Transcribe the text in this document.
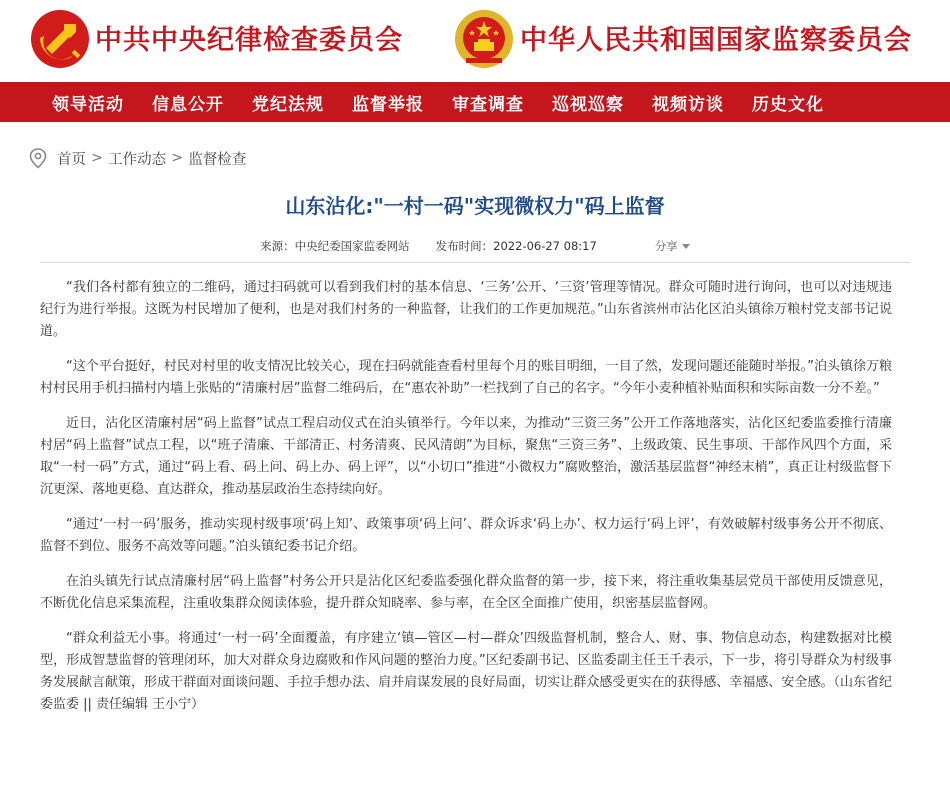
中共中央纪律检查委员会	中华人民共和国国家监察委员会
领导活动 信息公开 党纪法规 监督举报 审查调查 巡视巡察 视频访谈 历史文化
首页 > 工作动态 > 监督检查
山东沾化:"一村一码"实现微权力"码上监督
来源：中央纪委国家监委网站 发布时间：2022-06-27 08:17	分享

“我们各村都有独立的二维码，通过扫码就可以看到我们村的基本信息、‘三务’公开、‘三资’管理等情况。群众可随时进行询问，也可以对违规违纪行为进行举报。这既为村民增加了便利，也是对我们村务的一种监督，让我们的工作更加规范。”山东省滨州市沾化区泊头镇徐万粮村党支部书记说道。

“这个平台挺好，村民对村里的收支情况比较关心，现在扫码就能查看村里每个月的账目明细，一目了然，发现问题还能随时举报。”泊头镇徐万粮村村民用手机扫描村内墙上张贴的“清廉村居”监督二维码后，在“惠农补助”一栏找到了自己的名字。“今年小麦种植补贴面积和实际亩数一分不差。”

近日，沾化区清廉村居“码上监督”试点工程启动仪式在泊头镇举行。今年以来，为推动“三资三务”公开工作落地落实，沾化区纪委监委推行清廉村居“码上监督”试点工程，以“班子清廉、干部清正、村务清爽、民风清朗”为目标，聚焦“三资三务”、上级政策、民生事项、干部作风四个方面，采取“一村一码”方式，通过“码上看、码上问、码上办、码上评”，以“小切口”推进“小微权力”腐败整治，激活基层监督“神经末梢”，真正让村级监督下沉更深、落地更稳、直达群众，推动基层政治生态持续向好。

“通过‘一村一码’服务，推动实现村级事项‘码上知’、政策事项‘码上问’、群众诉求‘码上办’、权力运行‘码上评’，有效破解村级事务公开不彻底、监督不到位、服务不高效等问题。”泊头镇纪委书记介绍。

在泊头镇先行试点清廉村居“码上监督”村务公开只是沾化区纪委监委强化群众监督的第一步，接下来，将注重收集基层党员干部使用反馈意见，不断优化信息采集流程，注重收集群众阅读体验，提升群众知晓率、参与率，在全区全面推广使用，织密基层监督网。

“群众利益无小事。将通过‘一村一码’全面覆盖，有序建立‘镇—管区—村—群众’四级监督机制，整合人、财、事、物信息动态，构建数据对比模型，形成智慧监督的管理闭环，加大对群众身边腐败和作风问题的整治力度。”区纪委副书记、区监委副主任王千表示，下一步，将引导群众为村级事务发展献言献策，形成干群面对面谈问题、手拉手想办法、肩并肩谋发展的良好局面，切实让群众感受更实在的获得感、幸福感、安全感。（山东省纪委监委 || 责任编辑 王小宁）
